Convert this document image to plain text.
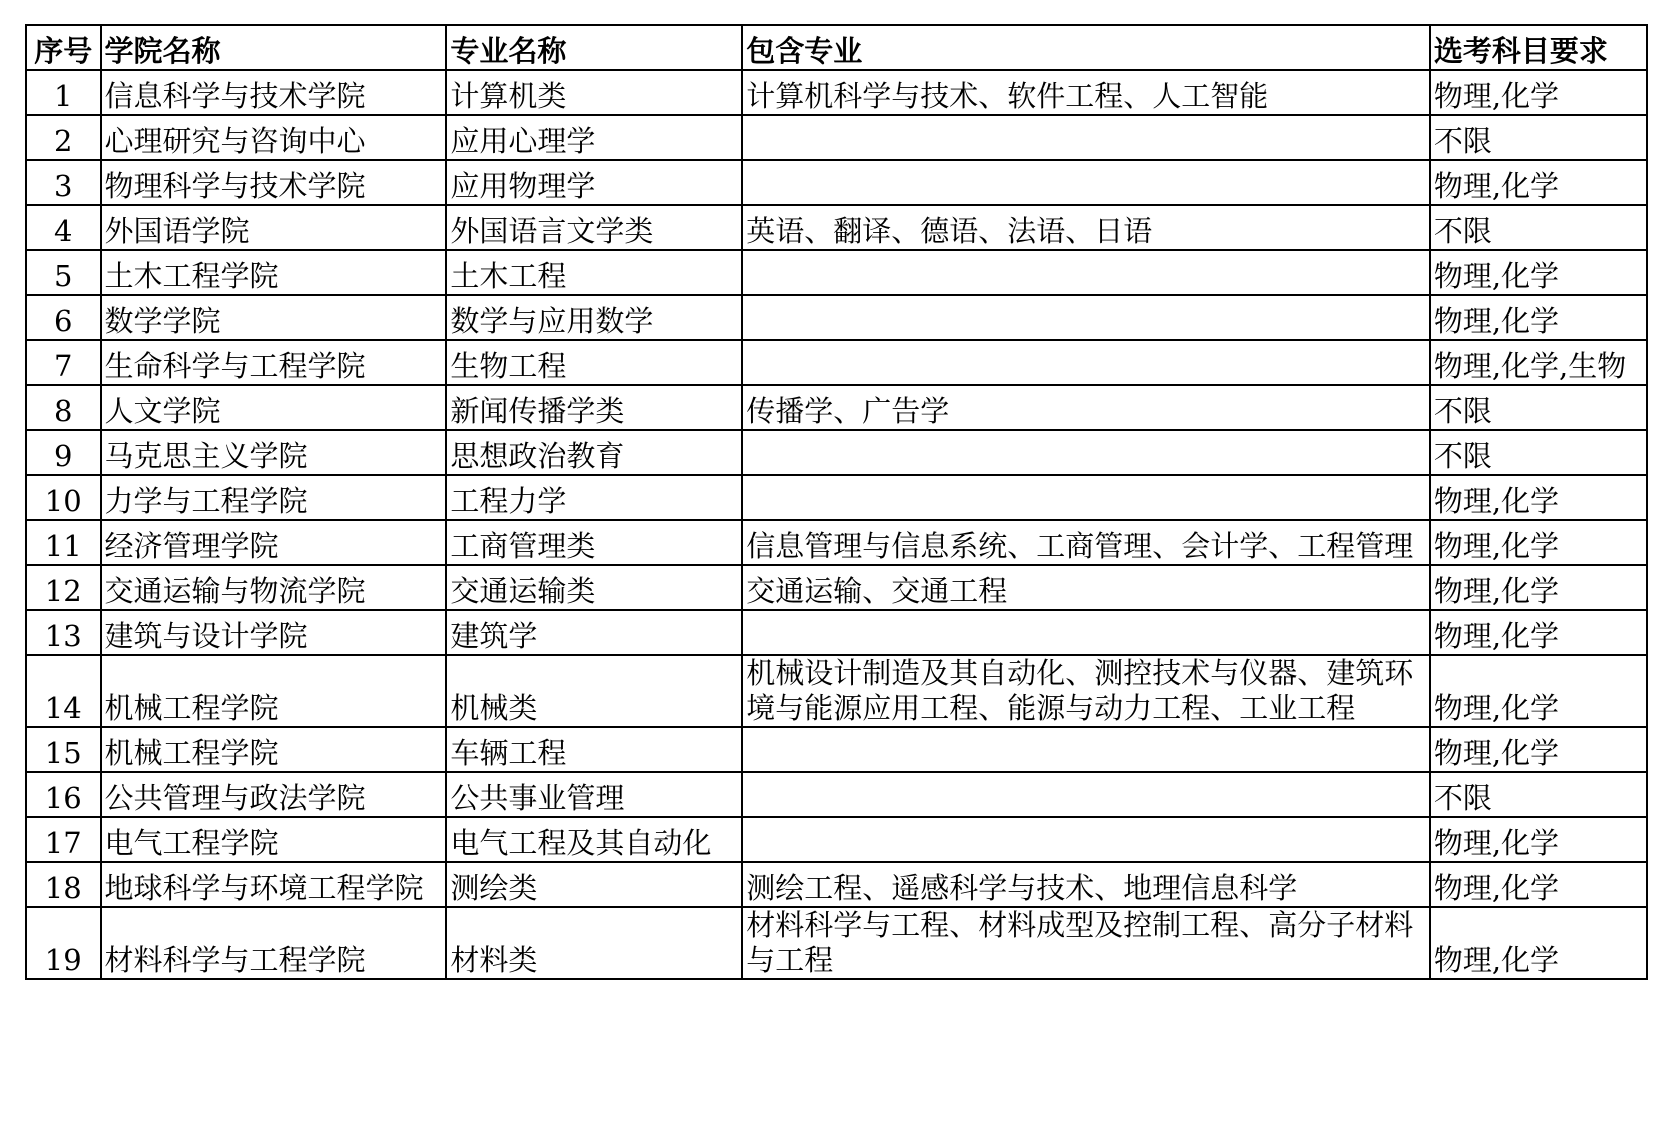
序号	学院名称	专业名称	包含专业	选考科目要求
1	信息科学与技术学院	计算机类	计算机科学与技术、软件工程、人工智能	物理,化学
2	心理研究与咨询中心	应用心理学		不限
3	物理科学与技术学院	应用物理学		物理,化学
4	外国语学院	外国语言文学类	英语、翻译、德语、法语、日语	不限
5	土木工程学院	土木工程		物理,化学
6	数学学院	数学与应用数学		物理,化学
7	生命科学与工程学院	生物工程		物理,化学,生物
8	人文学院	新闻传播学类	传播学、广告学	不限
9	马克思主义学院	思想政治教育		不限
10	力学与工程学院	工程力学		物理,化学
11	经济管理学院	工商管理类	信息管理与信息系统、工商管理、会计学、工程管理	物理,化学
12	交通运输与物流学院	交通运输类	交通运输、交通工程	物理,化学
13	建筑与设计学院	建筑学		物理,化学
14	机械工程学院	机械类	机械设计制造及其自动化、测控技术与仪器、建筑环境与能源应用工程、能源与动力工程、工业工程	物理,化学
15	机械工程学院	车辆工程		物理,化学
16	公共管理与政法学院	公共事业管理		不限
17	电气工程学院	电气工程及其自动化		物理,化学
18	地球科学与环境工程学院	测绘类	测绘工程、遥感科学与技术、地理信息科学	物理,化学
19	材料科学与工程学院	材料类	材料科学与工程、材料成型及控制工程、高分子材料与工程	物理,化学
